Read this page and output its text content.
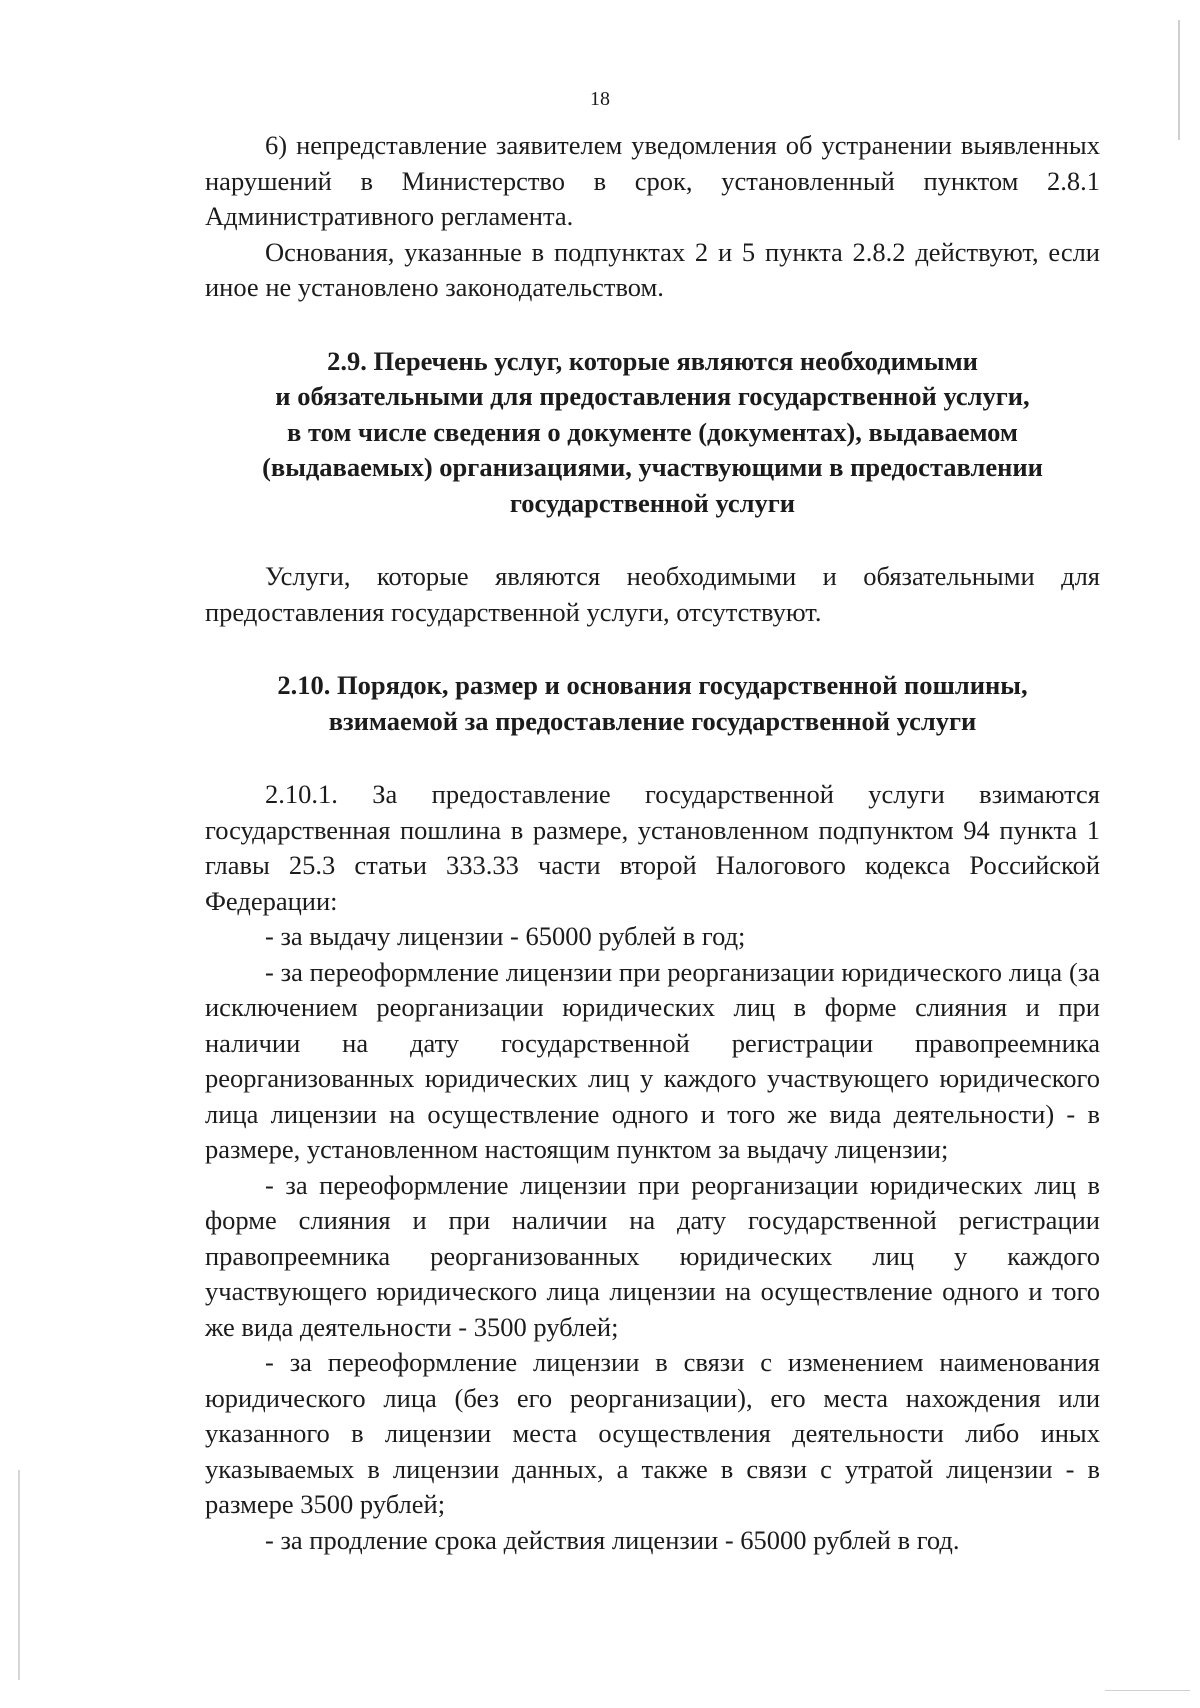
18

6) непредставление заявителем уведомления об устранении выявленных нарушений в Министерство в срок, установленный пунктом 2.8.1 Административного регламента.

Основания, указанные в подпунктах 2 и 5 пункта 2.8.2 действуют, если иное не установлено законодательством.

2.9. Перечень услуг, которые являются необходимыми
и обязательными для предоставления государственной услуги,
в том числе сведения о документе (документах), выдаваемом
(выдаваемых) организациями, участвующими в предоставлении
государственной услуги

Услуги, которые являются необходимыми и обязательными для предоставления государственной услуги, отсутствуют.

2.10. Порядок, размер и основания государственной пошлины,
взимаемой за предоставление государственной услуги

2.10.1. За предоставление государственной услуги взимаются государственная пошлина в размере, установленном подпунктом 94 пункта 1 главы 25.3 статьи 333.33 части второй Налогового кодекса Российской Федерации:

- за выдачу лицензии - 65000 рублей в год;

- за переоформление лицензии при реорганизации юридического лица (за исключением реорганизации юридических лиц в форме слияния и при наличии на дату государственной регистрации правопреемника реорганизованных юридических лиц у каждого участвующего юридического лица лицензии на осуществление одного и того же вида деятельности) - в размере, установленном настоящим пунктом за выдачу лицензии;

- за переоформление лицензии при реорганизации юридических лиц в форме слияния и при наличии на дату государственной регистрации правопреемника реорганизованных юридических лиц у каждого участвующего юридического лица лицензии на осуществление одного и того же вида деятельности - 3500 рублей;

- за переоформление лицензии в связи с изменением наименования юридического лица (без его реорганизации), его места нахождения или указанного в лицензии места осуществления деятельности либо иных указываемых в лицензии данных, а также в связи с утратой лицензии - в размере 3500 рублей;

- за продление срока действия лицензии - 65000 рублей в год.
